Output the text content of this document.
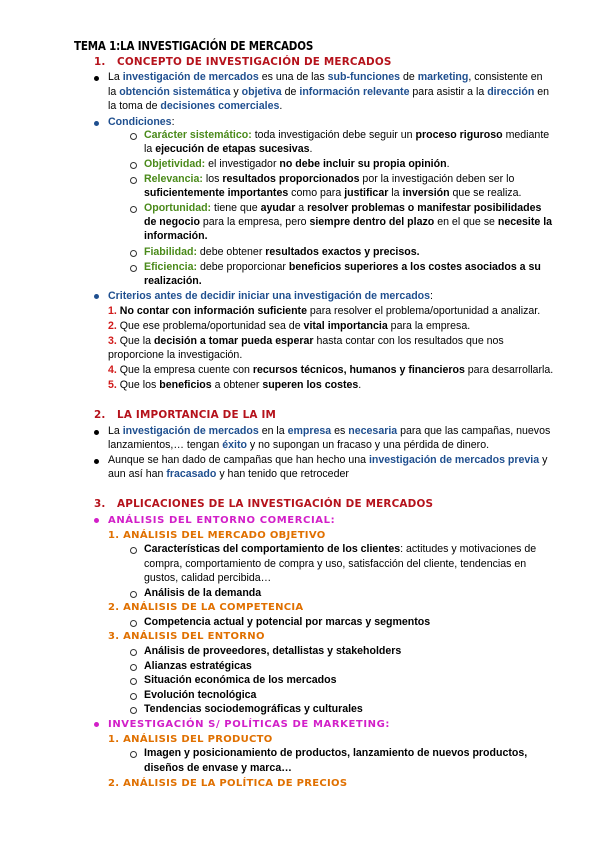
TEMA 1:LA INVESTIGACIÓN DE MERCADOS
1. CONCEPTO DE INVESTIGACIÓN DE MERCADOS
La investigación de mercados es una de las sub-funciones de marketing, consistente en
la obtención sistemática y objetiva de información relevante para asistir a la dirección en
la toma de decisiones comerciales.
Condiciones:
Carácter sistemático: toda investigación debe seguir un proceso riguroso mediante
la ejecución de etapas sucesivas.
Objetividad: el investigador no debe incluir su propia opinión.
Relevancia: los resultados proporcionados por la investigación deben ser lo
suficientemente importantes como para justificar la inversión que se realiza.
Oportunidad: tiene que ayudar a resolver problemas o manifestar posibilidades
de negocio para la empresa, pero siempre dentro del plazo en el que se necesite la
información.
Fiabilidad: debe obtener resultados exactos y precisos.
Eficiencia: debe proporcionar beneficios superiores a los costes asociados a su
realización.
Criterios antes de decidir iniciar una investigación de mercados:
1. No contar con información suficiente para resolver el problema/oportunidad a analizar.
2. Que ese problema/oportunidad sea de vital importancia para la empresa.
3. Que la decisión a tomar pueda esperar hasta contar con los resultados que nos
proporcione la investigación.
4. Que la empresa cuente con recursos técnicos, humanos y financieros para desarrollarla.
5. Que los beneficios a obtener superen los costes.
2. LA IMPORTANCIA DE LA IM
La investigación de mercados en la empresa es necesaria para que las campañas, nuevos
lanzamientos,… tengan éxito y no supongan un fracaso y una pérdida de dinero.
Aunque se han dado de campañas que han hecho una investigación de mercados previa y
aun así han fracasado y han tenido que retroceder
3. APLICACIONES DE LA INVESTIGACIÓN DE MERCADOS
ANÁLISIS DEL ENTORNO COMERCIAL:
1. ANÁLISIS DEL MERCADO OBJETIVO
Características del comportamiento de los clientes: actitudes y motivaciones de
compra, comportamiento de compra y uso, satisfacción del cliente, tendencias en
gustos, calidad percibida…
Análisis de la demanda
2. ANÁLISIS DE LA COMPETENCIA
Competencia actual y potencial por marcas y segmentos
3. ANÁLISIS DEL ENTORNO
Análisis de proveedores, detallistas y stakeholders
Alianzas estratégicas
Situación económica de los mercados
Evolución tecnológica
Tendencias sociodemográficas y culturales
INVESTIGACIÓN S/ POLÍTICAS DE MARKETING:
1. ANÁLISIS DEL PRODUCTO
Imagen y posicionamiento de productos, lanzamiento de nuevos productos,
diseños de envase y marca…
2. ANÁLISIS DE LA POLÍTICA DE PRECIOS
